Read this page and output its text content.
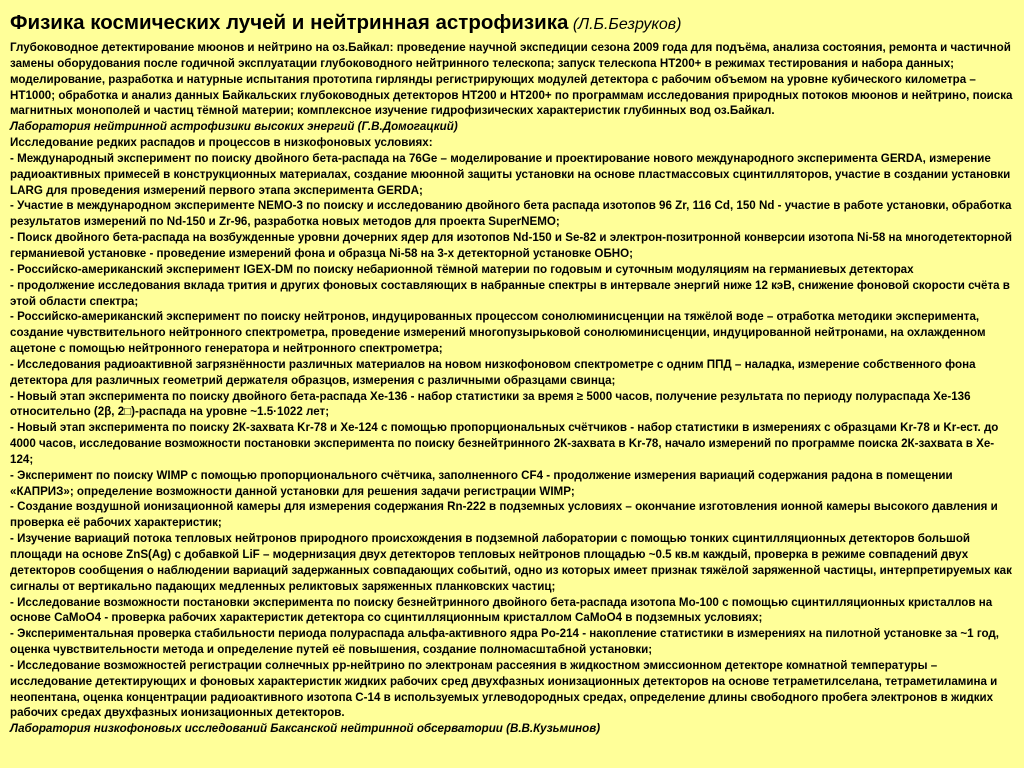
Физика космических лучей и нейтринная астрофизика (Л.Б.Безруков)
Глубоководное детектирование мюонов и нейтрино на оз.Байкал: проведение научной экспедиции сезона 2009 года для подъёма, анализа состояния, ремонта и частичной замены оборудования после годичной эксплуатации глубоководного нейтринного телескопа; запуск телескопа НТ200+ в режимах тестирования и набора данных; моделирование, разработка и натурные испытания прототипа гирлянды регистрирующих модулей детектора с рабочим объемом на уровне кубического километра – НТ1000; обработка и анализ данных Байкальских глубоководных детекторов НТ200 и НТ200+ по программам исследования природных потоков мюонов и нейтрино, поиска магнитных монополей и частиц тёмной материи; комплексное изучение гидрофизических характеристик глубинных вод оз.Байкал.
Лаборатория нейтринной астрофизики высоких энергий (Г.В.Домогацкий)
Исследование редких распадов и процессов в низкофоновых условиях:
- Международный эксперимент по поиску двойного бета-распада на 76Ge – моделирование и проектирование нового международного эксперимента GERDA, измерение радиоактивных примесей в конструкционных материалах, создание мюонной защиты установки на основе пластмассовых сцинтилляторов, участие в создании установки LARG для проведения измерений первого этапа эксперимента GERDA;
- Участие в международном эксперименте NEMO-3 по поиску и исследованию двойного бета распада изотопов 96 Zr, 116 Cd, 150 Nd - участие в работе установки, обработка результатов измерений по Nd-150 и Zr-96, разработка новых методов для проекта SuperNEMO;
- Поиск двойного бета-распада на возбужденные уровни дочерних ядер для изотопов Nd-150 и Se-82 и электрон-позитронной конверсии изотопа Ni-58 на многодетекторной германиевой установке - проведение измерений фона и образца Ni-58 на 3-х детекторной установке ОБНО;
- Российско-американский эксперимент IGEX-DM по поиску небарионной тёмной материи по годовым и суточным модуляциям на германиевых детекторах
- продолжение исследования вклада трития и других фоновых составляющих в набранные спектры в интервале энергий ниже 12 кэВ, снижение фоновой скорости счёта в этой области спектра;
- Российско-американский эксперимент по поиску нейтронов, индуцированных процессом сонолюминисценции на тяжёлой воде – отработка методики эксперимента, создание чувствительного нейтронного спектрометра, проведение измерений многопузырьковой сонолюминисценции, индуцированной нейтронами, на охлажденном ацетоне с помощью нейтронного генератора и нейтронного спектрометра;
- Исследования радиоактивной загрязнённости различных материалов на новом низкофоновом спектрометре с одним ППД – наладка, измерение собственного фона детектора для различных геометрий держателя образцов, измерения с различными образцами свинца;
- Новый этап эксперимента по поиску двойного бета-распада Xe-136 - набор статистики за время ≥ 5000 часов, получение результата по периоду полураспада Xe-136 относительно (2β, 2□)-распада на уровне ~1.5·1022 лет;
- Новый этап эксперимента по поиску 2К-захвата Kr-78 и Xe-124 с помощью пропорциональных счётчиков - набор статистики в измерениях с образцами Kr-78 и Kr-ест. до 4000 часов, исследование возможности постановки эксперимента по поиску безнейтринного 2К-захвата в Kr-78, начало измерений по программе поиска 2К-захвата в Xe-124;
- Эксперимент по поиску WIMP с помощью пропорционального счётчика, заполненного CF4 - продолжение измерения вариаций содержания радона в помещении «КАПРИЗ»; определение возможности данной установки для решения задачи регистрации WIMP;
- Создание воздушной ионизационной камеры для измерения содержания Rn-222 в подземных условиях – окончание изготовления ионной камеры высокого давления и проверка её рабочих характеристик;
- Изучение вариаций потока тепловых нейтронов природного происхождения в подземной лаборатории с помощью тонких сцинтилляционных детекторов большой площади на основе ZnS(Ag) с добавкой LiF – модернизация двух детекторов тепловых нейтронов площадью ~0.5 кв.м каждый, проверка в режиме совпадений двух детекторов сообщения о наблюдении вариаций задержанных совпадающих событий, одно из которых имеет признак тяжёлой заряженной частицы, интерпретируемых как сигналы от вертикально падающих медленных реликтовых заряженных планковских частиц;
- Исследование возможности постановки эксперимента по поиску безнейтринного двойного бета-распада изотопа Mo-100 с помощью сцинтилляционных кристаллов на основе CaMoO4 - проверка рабочих характеристик детектора со сцинтилляционным кристаллом CaMoO4 в подземных условиях;
- Экспериментальная проверка стабильности периода полураспада альфа-активного ядра Po-214 - накопление статистики в измерениях на пилотной установке за ~1 год, оценка чувствительности метода и определение путей её повышения, создание полномасштабной установки;
- Исследование возможностей регистрации солнечных pp-нейтрино по электронам рассеяния в жидкостном эмиссионном детекторе комнатной температуры – исследование детектирующих и фоновых характеристик жидких рабочих сред двухфазных ионизационных детекторов на основе тетраметилселана, тетраметиламина и неопентана, оценка концентрации радиоактивного изотопа С-14 в используемых углеводородных средах, определение длины свободного пробега электронов в жидких рабочих средах двухфазных ионизационных детекторов.
Лаборатория низкофоновых исследований Баксанской нейтринной обсерватории (В.В.Кузьминов)
